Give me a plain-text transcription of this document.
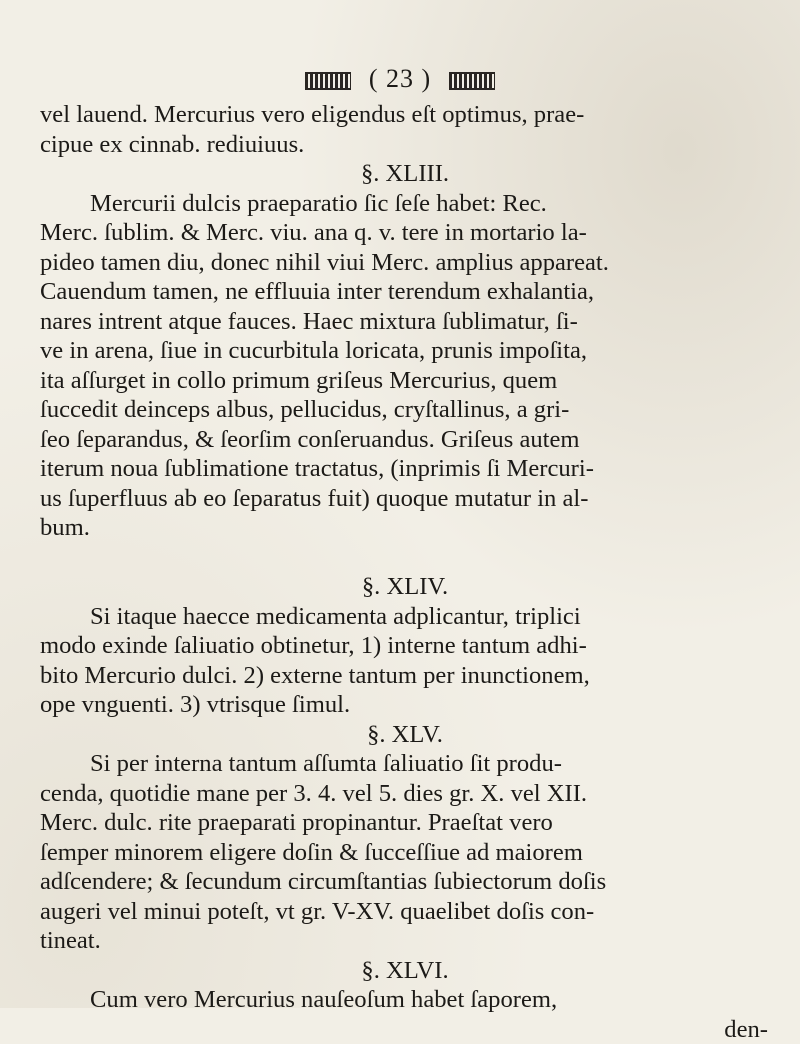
( 23 )
vel lauend. Mercurius vero eligendus eſt optimus, prae-
cipue ex cinnab. rediuiuus.
§. XLIII.
Mercurii dulcis praeparatio ſic ſeſe habet: Rec.
Merc. ſublim. & Merc. viu. ana q. v. tere in mortario la-
pideo tamen diu, donec nihil viui Merc. amplius appareat.
Cauendum tamen, ne effluuia inter terendum exhalantia,
nares intrent atque fauces. Haec mixtura ſublimatur, ſi-
ve in arena, ſiue in cucurbitula loricata, prunis impoſita,
ita aſſurget in collo primum griſeus Mercurius, quem
ſuccedit deinceps albus, pellucidus, cryſtallinus, a gri-
ſeo ſeparandus, & ſeorſim conſeruandus. Griſeus autem
iterum noua ſublimatione tractatus, (inprimis ſi Mercuri-
us ſuperfluus ab eo ſeparatus fuit) quoque mutatur in al-
bum.
§. XLIV.
Si itaque haecce medicamenta adplicantur, triplici
modo exinde ſaliuatio obtinetur, 1) interne tantum adhi-
bito Mercurio dulci. 2) externe tantum per inunctionem,
ope vnguenti. 3) vtrisque ſimul.
§. XLV.
Si per interna tantum aſſumta ſaliuatio ſit produ-
cenda, quotidie mane per 3. 4. vel 5. dies gr. X. vel XII.
Merc. dulc. rite praeparati propinantur. Praeſtat vero
ſemper minorem eligere doſin & ſucceſſiue ad maiorem
adſcendere; & ſecundum circumſtantias ſubiectorum doſis
augeri vel minui poteſt, vt gr. V-XV. quaelibet doſis con-
tineat.
§. XLVI.
Cum vero Mercurius nauſeoſum habet ſaporem,
den-
